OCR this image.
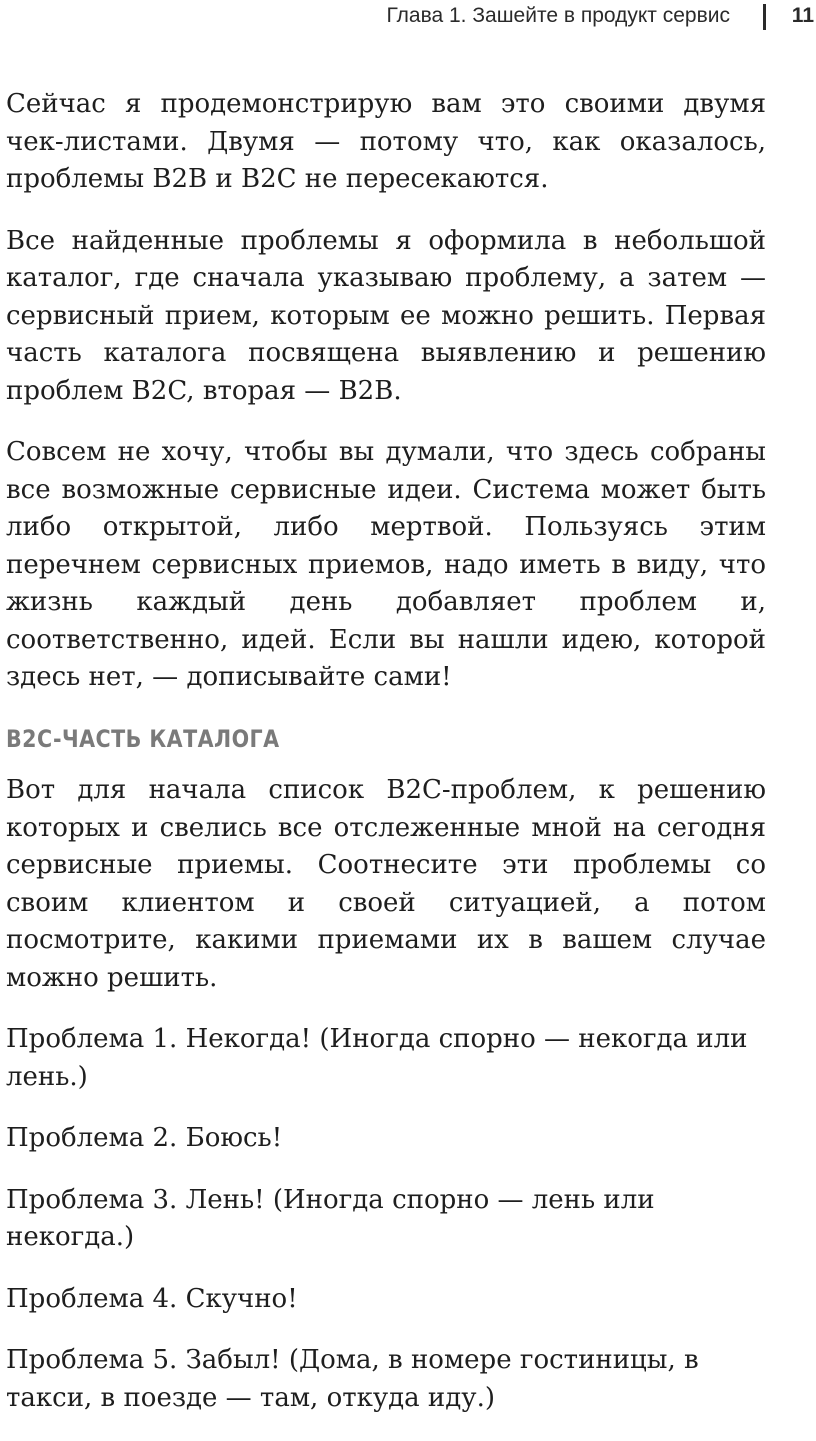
Глава 1. Зашейте в продукт сервис	11

Сейчас я продемонстрирую вам это своими двумя чек-листами. Двумя — потому что, как оказалось, проблемы B2B и B2C не пересекаются.

Все найденные проблемы я оформила в небольшой каталог, где сначала указываю проблему, а затем — сервисный прием, которым ее можно решить. Первая часть каталога посвящена выявлению и решению проблем B2C, вторая — B2B.

Совсем не хочу, чтобы вы думали, что здесь собраны все возможные сервисные идеи. Система может быть либо открытой, либо мертвой. Пользуясь этим перечнем сервисных приемов, надо иметь в виду, что жизнь каждый день добавляет проблем и, соответственно, идей. Если вы нашли идею, которой здесь нет, — дописывайте сами!

B2C-ЧАСТЬ КАТАЛОГА

Вот для начала список B2C-проблем, к решению которых и свелись все отслеженные мной на сегодня сервисные приемы. Соотнесите эти проблемы со своим клиентом и своей ситуацией, а потом посмотрите, какими приемами их в вашем случае можно решить.

Проблема 1. Некогда! (Иногда спорно — некогда или лень.)

Проблема 2. Боюсь!

Проблема 3. Лень! (Иногда спорно — лень или некогда.)

Проблема 4. Скучно!

Проблема 5. Забыл! (Дома, в номере гостиницы, в такси, в поезде — там, откуда иду.)
